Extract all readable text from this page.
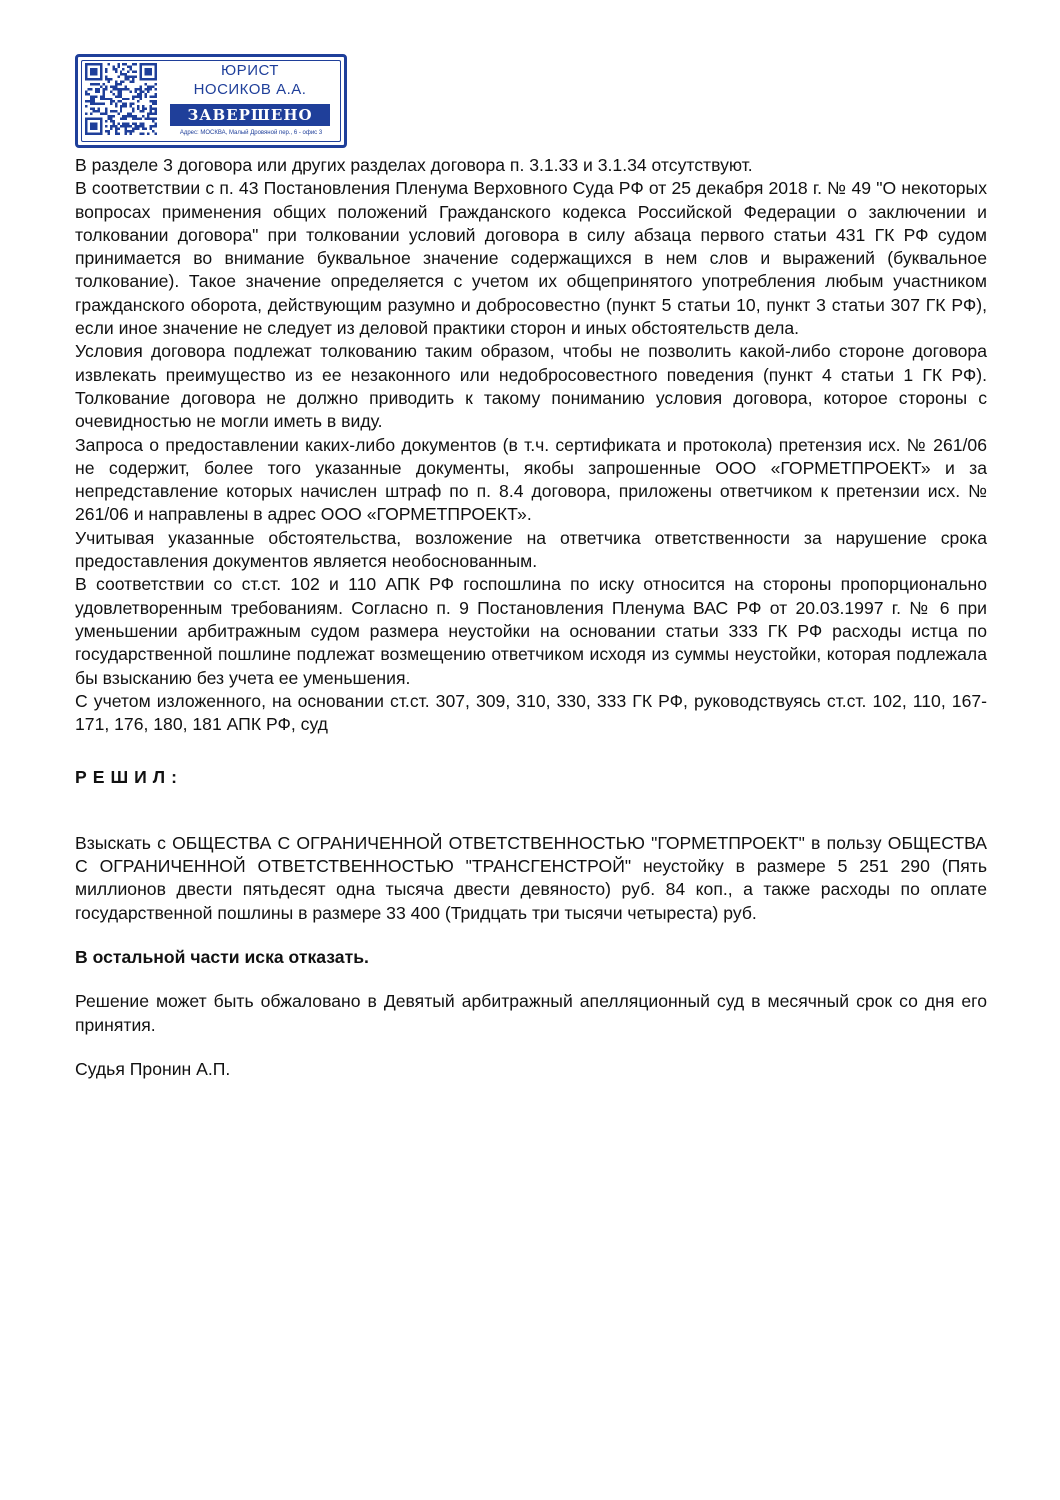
ЮРИСТ
НОСИКОВ А.А.
ЗАВЕРШЕНО
Адрес: МОСКВА, Малый Дровяной пер., 6 - офис 3

В разделе 3 договора или других разделах договора п. 3.1.33 и 3.1.34 отсутствуют.

В соответствии с п. 43 Постановления Пленума Верховного Суда РФ от 25 декабря 2018 г. № 49 "О некоторых вопросах применения общих положений Гражданского кодекса Российской Федерации о заключении и толковании договора" при толковании условий договора в силу абзаца первого статьи 431 ГК РФ судом принимается во внимание буквальное значение содержащихся в нем слов и выражений (буквальное толкование). Такое значение определяется с учетом их общепринятого употребления любым участником гражданского оборота, действующим разумно и добросовестно (пункт 5 статьи 10, пункт 3 статьи 307 ГК РФ), если иное значение не следует из деловой практики сторон и иных обстоятельств дела.

Условия договора подлежат толкованию таким образом, чтобы не позволить какой-либо стороне договора извлекать преимущество из ее незаконного или недобросовестного поведения (пункт 4 статьи 1 ГК РФ). Толкование договора не должно приводить к такому пониманию условия договора, которое стороны с очевидностью не могли иметь в виду.

Запроса о предоставлении каких-либо документов (в т.ч. сертификата и протокола) претензия исх. № 261/06 не содержит, более того указанные документы, якобы запрошенные ООО «ГОРМЕТПРОЕКТ» и за непредставление которых начислен штраф по п. 8.4 договора, приложены ответчиком к претензии исх. № 261/06 и направлены в адрес ООО «ГОРМЕТПРОЕКТ».

Учитывая указанные обстоятельства, возложение на ответчика ответственности за нарушение срока предоставления документов является необоснованным.

В соответствии со ст.ст. 102 и 110 АПК РФ госпошлина по иску относится на стороны пропорционально удовлетворенным требованиям. Согласно п. 9 Постановления Пленума ВАС РФ от 20.03.1997 г. № 6 при уменьшении арбитражным судом размера неустойки на основании статьи 333 ГК РФ расходы истца по государственной пошлине подлежат возмещению ответчиком исходя из суммы неустойки, которая подлежала бы взысканию без учета ее уменьшения.

С учетом изложенного, на основании ст.ст. 307, 309, 310, 330, 333 ГК РФ, руководствуясь ст.ст. 102, 110, 167-171, 176, 180, 181 АПК РФ, суд

РЕШИЛ:

Взыскать с ОБЩЕСТВА С ОГРАНИЧЕННОЙ ОТВЕТСТВЕННОСТЬЮ "ГОРМЕТПРОЕКТ" в пользу ОБЩЕСТВА С ОГРАНИЧЕННОЙ ОТВЕТСТВЕННОСТЬЮ "ТРАНСГЕНСТРОЙ" неустойку в размере 5 251 290 (Пять миллионов двести пятьдесят одна тысяча двести девяносто) руб. 84 коп., а также расходы по оплате государственной пошлины в размере 33 400 (Тридцать три тысячи четыреста) руб.

В остальной части иска отказать.

Решение может быть обжаловано в Девятый арбитражный апелляционный суд в месячный срок со дня его принятия.

Судья Пронин А.П.
